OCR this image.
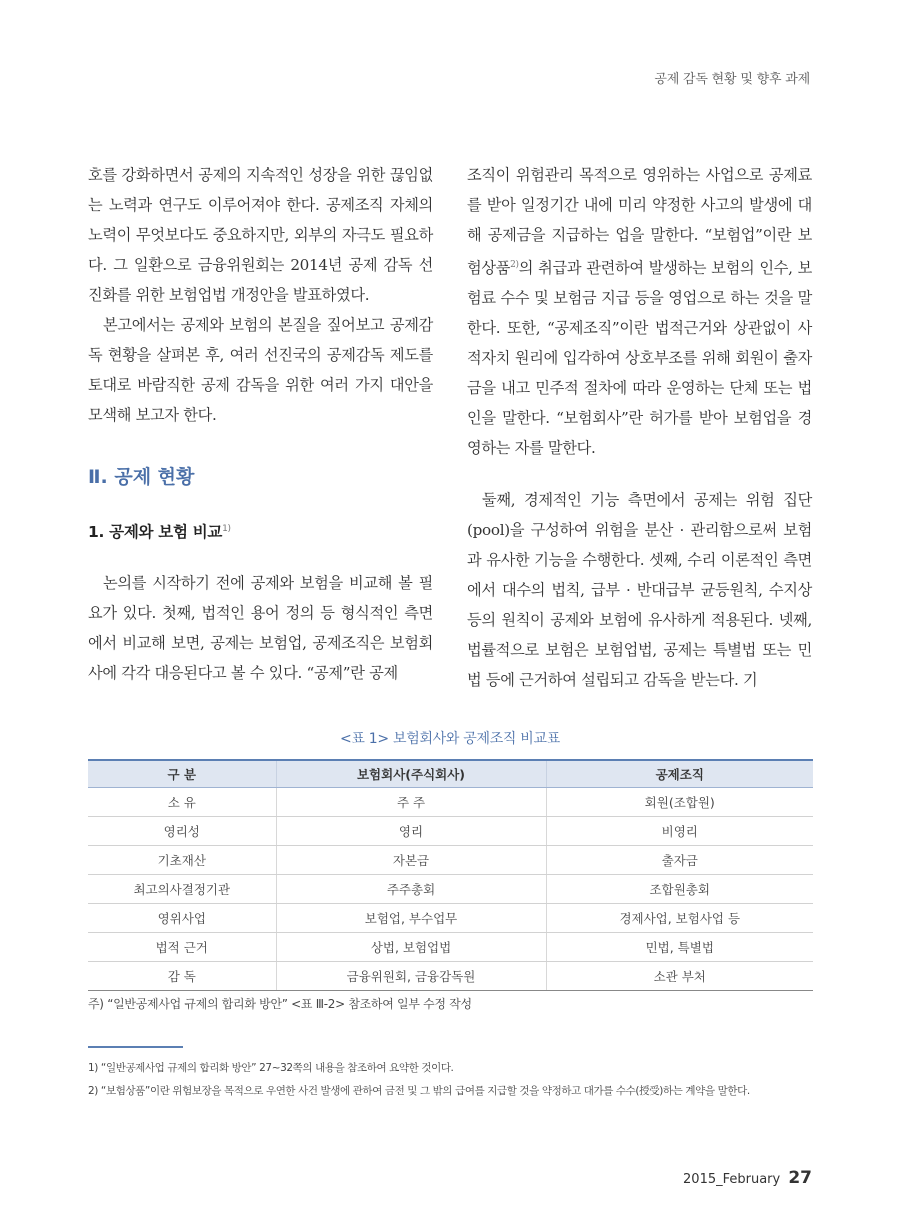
공제 감독 현황 및 향후 과제

호를 강화하면서 공제의 지속적인 성장을 위한 끊임없는 노력과 연구도 이루어져야 한다. 공제조직 자체의 노력이 무엇보다도 중요하지만, 외부의 자극도 필요하다. 그 일환으로 금융위원회는 2014년 공제 감독 선진화를 위한 보험업법 개정안을 발표하였다.

본고에서는 공제와 보험의 본질을 짚어보고 공제감독 현황을 살펴본 후, 여러 선진국의 공제감독 제도를 토대로 바람직한 공제 감독을 위한 여러 가지 대안을 모색해 보고자 한다.

Ⅱ. 공제 현황
1. 공제와 보험 비교$^{1)}$

논의를 시작하기 전에 공제와 보험을 비교해 볼 필요가 있다. 첫째, 법적인 용어 정의 등 형식적인 측면에서 비교해 보면, 공제는 보험업, 공제조직은 보험회사에 각각 대응된다고 볼 수 있다. “공제”란 공제

조직이 위험관리 목적으로 영위하는 사업으로 공제료를 받아 일정기간 내에 미리 약정한 사고의 발생에 대해 공제금을 지급하는 업을 말한다. “보험업”이란 보험상품$^{2)}$의 취급과 관련하여 발생하는 보험의 인수, 보험료 수수 및 보험금 지급 등을 영업으로 하는 것을 말한다. 또한, “공제조직”이란 법적근거와 상관없이 사적자치 원리에 입각하여 상호부조를 위해 회원이 출자금을 내고 민주적 절차에 따라 운영하는 단체 또는 법인을 말한다. “보험회사”란 허가를 받아 보험업을 경영하는 자를 말한다.

둘째, 경제적인 기능 측면에서 공제는 위험 집단(pool)을 구성하여 위험을 분산 · 관리함으로써 보험과 유사한 기능을 수행한다. 셋째, 수리 이론적인 측면에서 대수의 법칙, 급부 · 반대급부 균등원칙, 수지상등의 원칙이 공제와 보험에 유사하게 적용된다. 넷째, 법률적으로 보험은 보험업법, 공제는 특별법 또는 민법 등에 근거하여 설립되고 감독을 받는다. 기

<표 1> 보험회사와 공제조직 비교표
구 분	보험회사(주식회사)	공제조직
소 유	주 주	회원(조합원)
영리성	영리	비영리
기초재산	자본금	출자금
최고의사결정기관	주주총회	조합원총회
영위사업	보험업, 부수업무	경제사업, 보험사업 등
법적 근거	상법, 보험업법	민법, 특별법
감 독	금융위원회, 금융감독원	소관 부처
주) “일반공제사업 규제의 합리화 방안” <표 Ⅲ-2> 참조하여 일부 수정 작성
1) “일반공제사업 규제의 합리화 방안” 27~32쪽의 내용을 참조하여 요약한 것이다.
2) “보험상품”이란 위험보장을 목적으로 우연한 사건 발생에 관하여 금전 및 그 밖의 급여를 지급할 것을 약정하고 대가를 수수(授受)하는 계약을 말한다.
2015_February 27
